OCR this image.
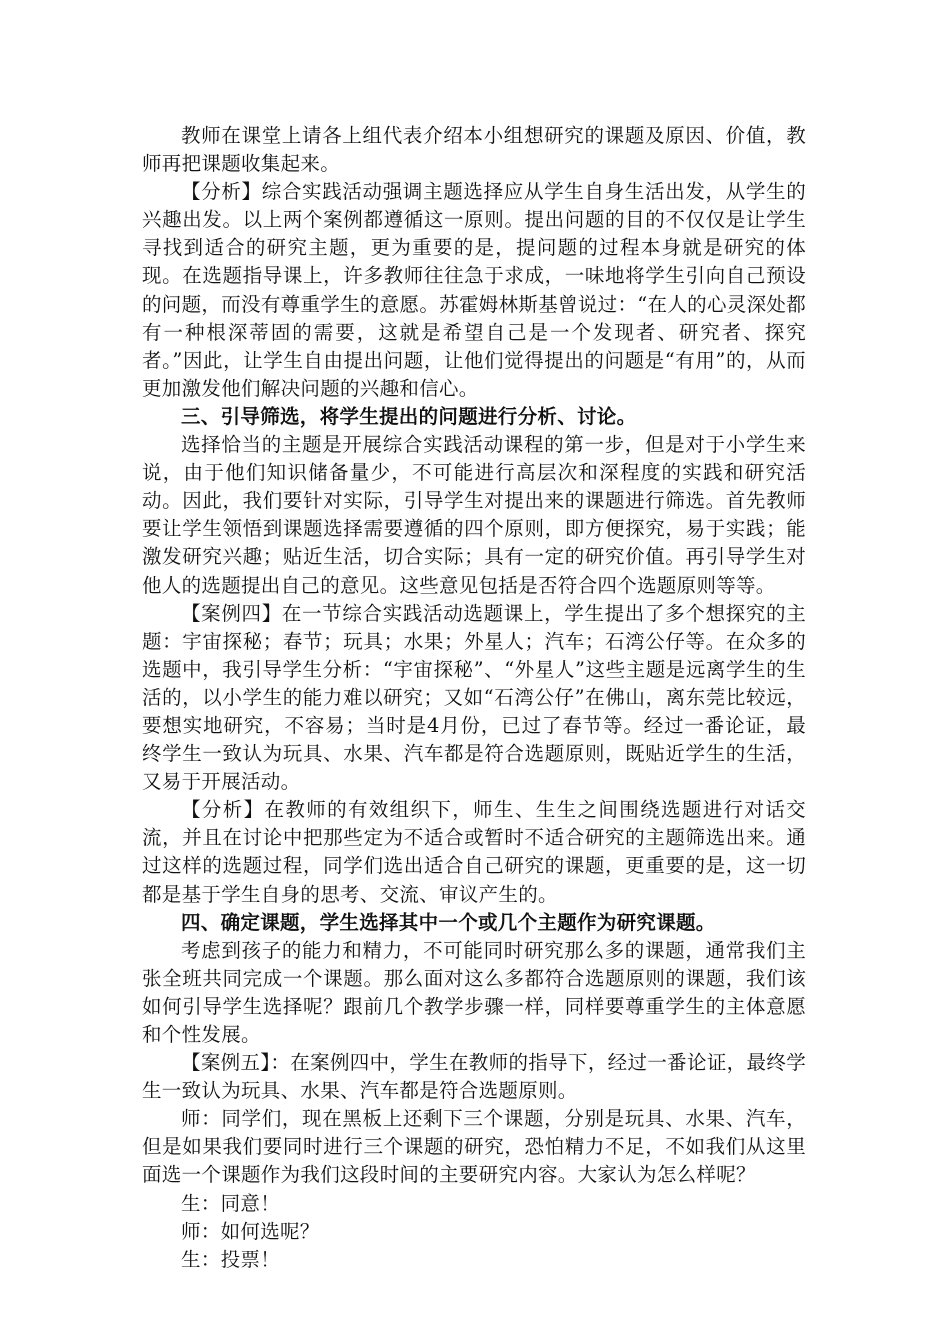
教师在课堂上请各上组代表介绍本小组想研究的课题及原因、价值，教师再把课题收集起来。

【分析】综合实践活动强调主题选择应从学生自身生活出发，从学生的兴趣出发。以上两个案例都遵循这一原则。提出问题的目的不仅仅是让学生寻找到适合的研究主题，更为重要的是，提问题的过程本身就是研究的体现。在选题指导课上，许多教师往往急于求成，一味地将学生引向自己预设的问题，而没有尊重学生的意愿。苏霍姆林斯基曾说过：“在人的心灵深处都有一种根深蒂固的需要，这就是希望自己是一个发现者、研究者、探究者。”因此，让学生自由提出问题，让他们觉得提出的问题是“有用”的，从而更加激发他们解决问题的兴趣和信心。

三、引导筛选，将学生提出的问题进行分析、讨论。

选择恰当的主题是开展综合实践活动课程的第一步，但是对于小学生来说，由于他们知识储备量少，不可能进行高层次和深程度的实践和研究活动。因此，我们要针对实际，引导学生对提出来的课题进行筛选。首先教师要让学生领悟到课题选择需要遵循的四个原则，即方便探究，易于实践；能激发研究兴趣；贴近生活，切合实际；具有一定的研究价值。再引导学生对他人的选题提出自己的意见。这些意见包括是否符合四个选题原则等等。

【案例四】在一节综合实践活动选题课上，学生提出了多个想探究的主题：宇宙探秘；春节；玩具；水果；外星人；汽车；石湾公仔等。在众多的选题中，我引导学生分析：“宇宙探秘”、“外星人”这些主题是远离学生的生活的，以小学生的能力难以研究；又如“石湾公仔”在佛山，离东莞比较远，要想实地研究，不容易；当时是4月份，已过了春节等。经过一番论证，最终学生一致认为玩具、水果、汽车都是符合选题原则，既贴近学生的生活，又易于开展活动。

【分析】在教师的有效组织下，师生、生生之间围绕选题进行对话交流，并且在讨论中把那些定为不适合或暂时不适合研究的主题筛选出来。通过这样的选题过程，同学们选出适合自己研究的课题，更重要的是，这一切都是基于学生自身的思考、交流、审议产生的。

四、确定课题，学生选择其中一个或几个主题作为研究课题。

考虑到孩子的能力和精力，不可能同时研究那么多的课题，通常我们主张全班共同完成一个课题。那么面对这么多都符合选题原则的课题，我们该如何引导学生选择呢？跟前几个教学步骤一样，同样要尊重学生的主体意愿和个性发展。

【案例五】：在案例四中，学生在教师的指导下，经过一番论证，最终学生一致认为玩具、水果、汽车都是符合选题原则。

师：同学们，现在黑板上还剩下三个课题，分别是玩具、水果、汽车，但是如果我们要同时进行三个课题的研究，恐怕精力不足，不如我们从这里面选一个课题作为我们这段时间的主要研究内容。大家认为怎么样呢？

生：同意！

师：如何选呢？

生：投票！
